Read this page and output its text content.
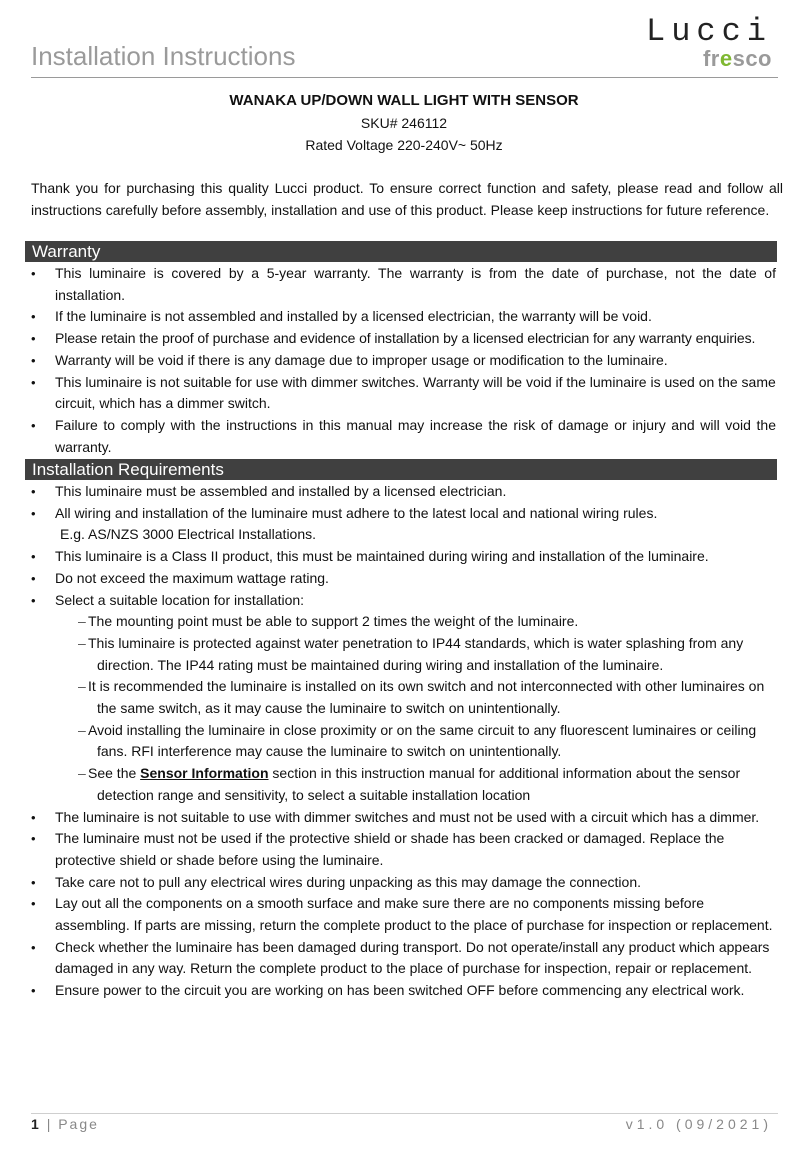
Installation Instructions
Lucci
fresco
WANAKA UP/DOWN WALL LIGHT WITH SENSOR
SKU# 246112
Rated Voltage 220-240V~ 50Hz
Thank you for purchasing this quality Lucci product. To ensure correct function and safety, please read and follow all instructions carefully before assembly, installation and use of this product. Please keep instructions for future reference.
Warranty
• This luminaire is covered by a 5-year warranty. The warranty is from the date of purchase, not the date of installation.
• If the luminaire is not assembled and installed by a licensed electrician, the warranty will be void.
• Please retain the proof of purchase and evidence of installation by a licensed electrician for any warranty enquiries.
• Warranty will be void if there is any damage due to improper usage or modification to the luminaire.
• This luminaire is not suitable for use with dimmer switches. Warranty will be void if the luminaire is used on the same circuit, which has a dimmer switch.
• Failure to comply with the instructions in this manual may increase the risk of damage or injury and will void the warranty.
Installation Requirements
• This luminaire must be assembled and installed by a licensed electrician.
• All wiring and installation of the luminaire must adhere to the latest local and national wiring rules.
E.g. AS/NZS 3000 Electrical Installations.
• This luminaire is a Class II product, this must be maintained during wiring and installation of the luminaire.
• Do not exceed the maximum wattage rating.
• Select a suitable location for installation:
– The mounting point must be able to support 2 times the weight of the luminaire.
– This luminaire is protected against water penetration to IP44 standards, which is water splashing from any direction. The IP44 rating must be maintained during wiring and installation of the luminaire.
– It is recommended the luminaire is installed on its own switch and not interconnected with other luminaires on the same switch, as it may cause the luminaire to switch on unintentionally.
– Avoid installing the luminaire in close proximity or on the same circuit to any fluorescent luminaires or ceiling fans. RFI interference may cause the luminaire to switch on unintentionally.
– See the Sensor Information section in this instruction manual for additional information about the sensor detection range and sensitivity, to select a suitable installation location
• The luminaire is not suitable to use with dimmer switches and must not be used with a circuit which has a dimmer.
• The luminaire must not be used if the protective shield or shade has been cracked or damaged. Replace the protective shield or shade before using the luminaire.
• Take care not to pull any electrical wires during unpacking as this may damage the connection.
• Lay out all the components on a smooth surface and make sure there are no components missing before assembling. If parts are missing, return the complete product to the place of purchase for inspection or replacement.
• Check whether the luminaire has been damaged during transport. Do not operate/install any product which appears damaged in any way. Return the complete product to the place of purchase for inspection, repair or replacement.
• Ensure power to the circuit you are working on has been switched OFF before commencing any electrical work.
1 | Page	v1.0 (09/2021)
